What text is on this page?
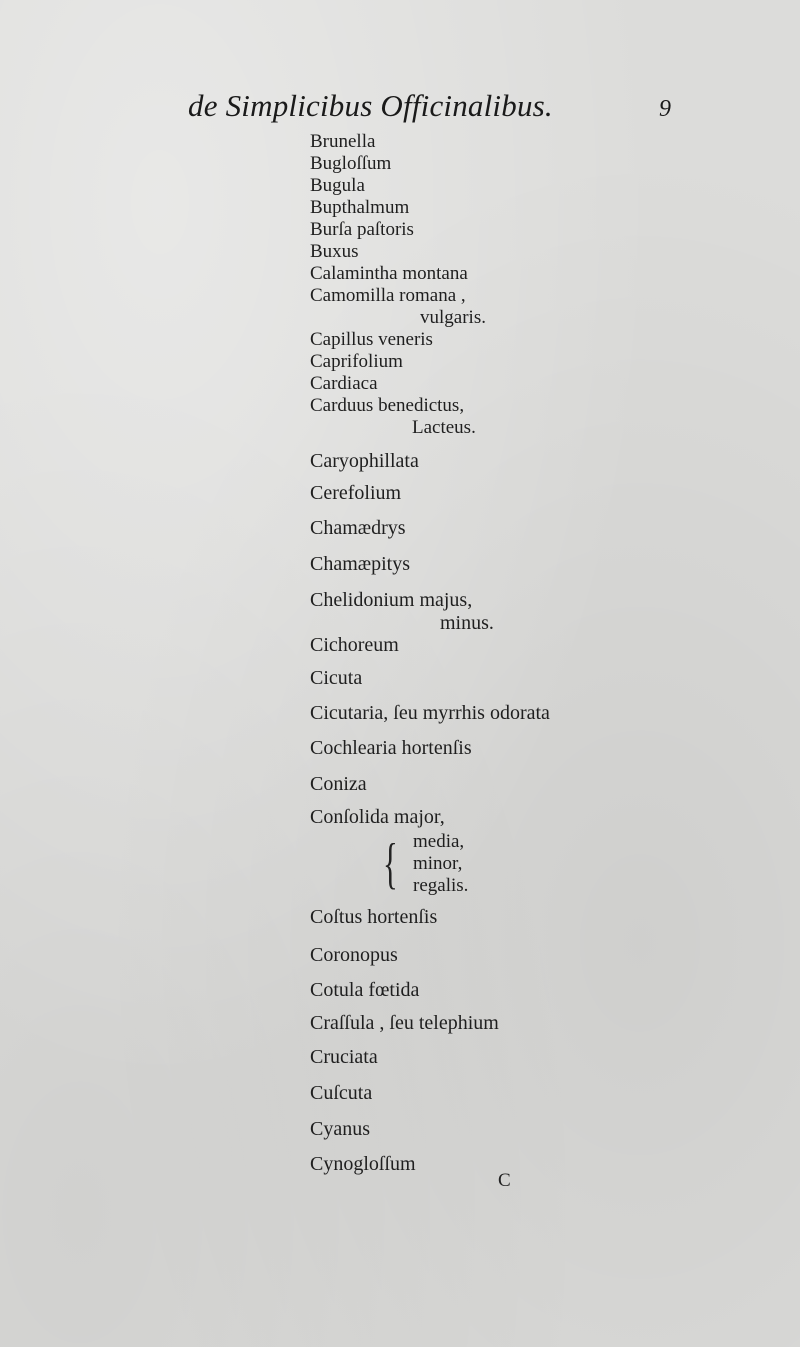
de Simplicibus Officinalibus.	9
Brunella
Bugloſſum
Bugula
Bupthalmum
Burſa paſtoris
Buxus
Calamintha montana
Camomilla romana ,
vulgaris.
Capillus veneris
Caprifolium
Cardiaca
Carduus benedictus,
Lacteus.
Caryophillata
Cerefolium
Chamædrys
Chamæpitys
Chelidonium majus,
minus.
Cichoreum
Cicuta
Cicutaria, ſeu myrrhis odorata
Cochlearia hortenſis
Coniza
Conſolida major,
{ media,
minor,
regalis.
Coſtus hortenſis
Coronopus
Cotula fœtida
Craſſula , ſeu telephium
Cruciata
Cuſcuta
Cyanus
Cynogloſſum
C
